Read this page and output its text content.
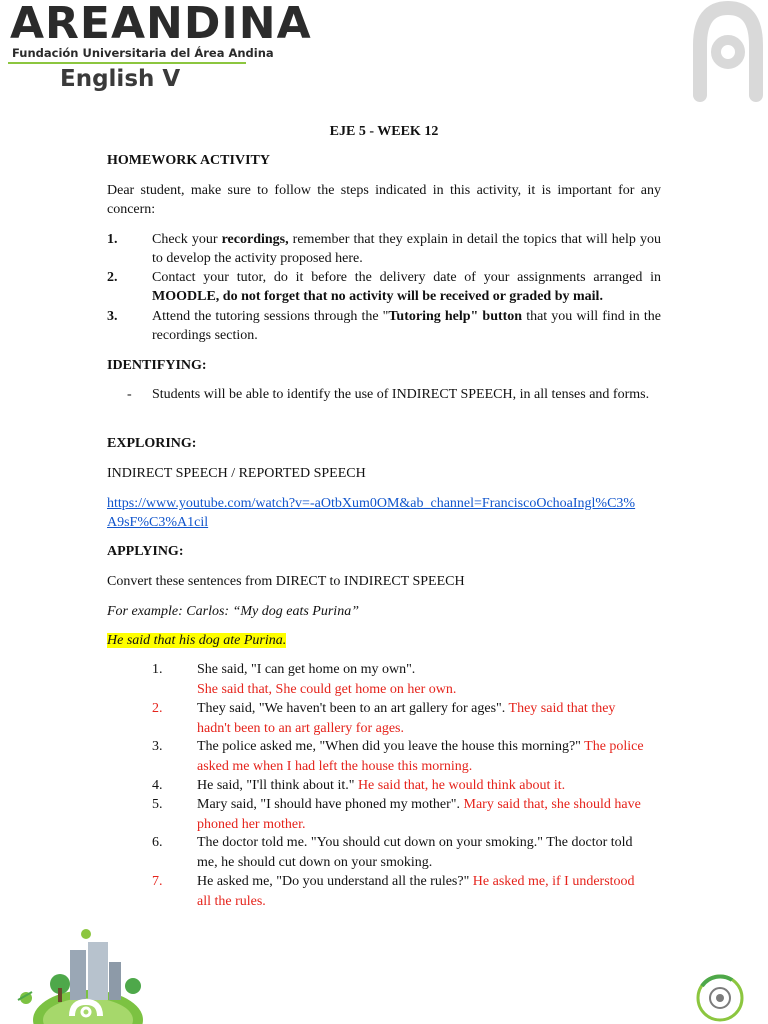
AREANDINA
Fundación Universitaria del Área Andina
English V
EJE 5 - WEEK 12
HOMEWORK ACTIVITY
Dear student, make sure to follow the steps indicated in this activity, it is important for any concern:
1. Check your recordings, remember that they explain in detail the topics that will help you to develop the activity proposed here.
2. Contact your tutor, do it before the delivery date of your assignments arranged in MOODLE, do not forget that no activity will be received or graded by mail.
3. Attend the tutoring sessions through the "Tutoring help" button that you will find in the recordings section.
IDENTIFYING:
- Students will be able to identify the use of INDIRECT SPEECH, in all tenses and forms.
EXPLORING:
INDIRECT SPEECH / REPORTED SPEECH
https://www.youtube.com/watch?v=-aOtbXum0OM&ab_channel=FranciscoOchoaIngl%C3%A9sF%C3%A1cil
APPLYING:
Convert these sentences from DIRECT to INDIRECT SPEECH
For example: Carlos: “My dog eats Purina”
He said that his dog ate Purina.
1. She said, "I can get home on my own".
She said that, She could get home on her own.
2. They said, "We haven't been to an art gallery for ages". They said that they hadn't been to an art gallery for ages.
3. The police asked me, "When did you leave the house this morning?" The police asked me when I had left the house this morning.
4. He said, "I'll think about it." He said that, he would think about it.
5. Mary said, "I should have phoned my mother". Mary said that, she should have phoned her mother.
6. The doctor told me. "You should cut down on your smoking." The doctor told me, he should cut down on your smoking.
7. He asked me, "Do you understand all the rules?" He asked me, if I understood all the rules.
